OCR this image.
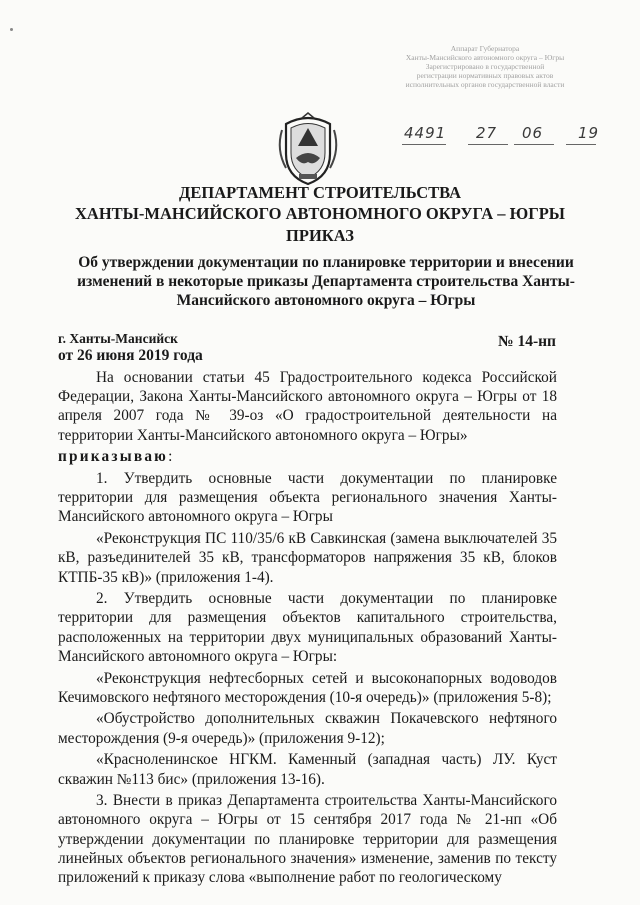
Аппарат Губернатора
Ханты-Мансийского автономного округа – Югры
Зарегистрировано в государственной
регистрации нормативных правовых актов
исполнительных органов государственной власти
4491 27 06 19
ДЕПАРТАМЕНТ СТРОИТЕЛЬСТВА
ХАНТЫ-МАНСИЙСКОГО АВТОНОМНОГО ОКРУГА – ЮГРЫ
ПРИКАЗ
Об утверждении документации по планировке территории и внесении изменений в некоторые приказы Департамента строительства Ханты-Мансийского автономного округа – Югры
г. Ханты-Мансийск
от 26 июня 2019 года
№ 14-нп

На основании статьи 45 Градостроительного кодекса Российской Федерации, Закона Ханты-Мансийского автономного округа – Югры от 18 апреля 2007 года № 39-оз «О градостроительной деятельности на территории Ханты-Мансийского автономного округа – Югры»

приказываю:

1. Утвердить основные части документации по планировке территории для размещения объекта регионального значения Ханты-Мансийского автономного округа – Югры

«Реконструкция ПС 110/35/6 кВ Савкинская (замена выключателей 35 кВ, разъединителей 35 кВ, трансформаторов напряжения 35 кВ, блоков КТПБ-35 кВ)» (приложения 1-4).

2. Утвердить основные части документации по планировке территории для размещения объектов капитального строительства, расположенных на территории двух муниципальных образований Ханты-Мансийского автономного округа – Югры:

«Реконструкция нефтесборных сетей и высоконапорных водоводов Кечимовского нефтяного месторождения (10-я очередь)» (приложения 5-8);

«Обустройство дополнительных скважин Покачевского нефтяного месторождения (9-я очередь)» (приложения 9-12);

«Красноленинское НГКМ. Каменный (западная часть) ЛУ. Куст скважин №113 бис» (приложения 13-16).

3. Внести в приказ Департамента строительства Ханты-Мансийского автономного округа – Югры от 15 сентября 2017 года № 21-нп «Об утверждении документации по планировке территории для размещения линейных объектов регионального значения» изменение, заменив по тексту приложений к приказу слова «выполнение работ по геологическому
